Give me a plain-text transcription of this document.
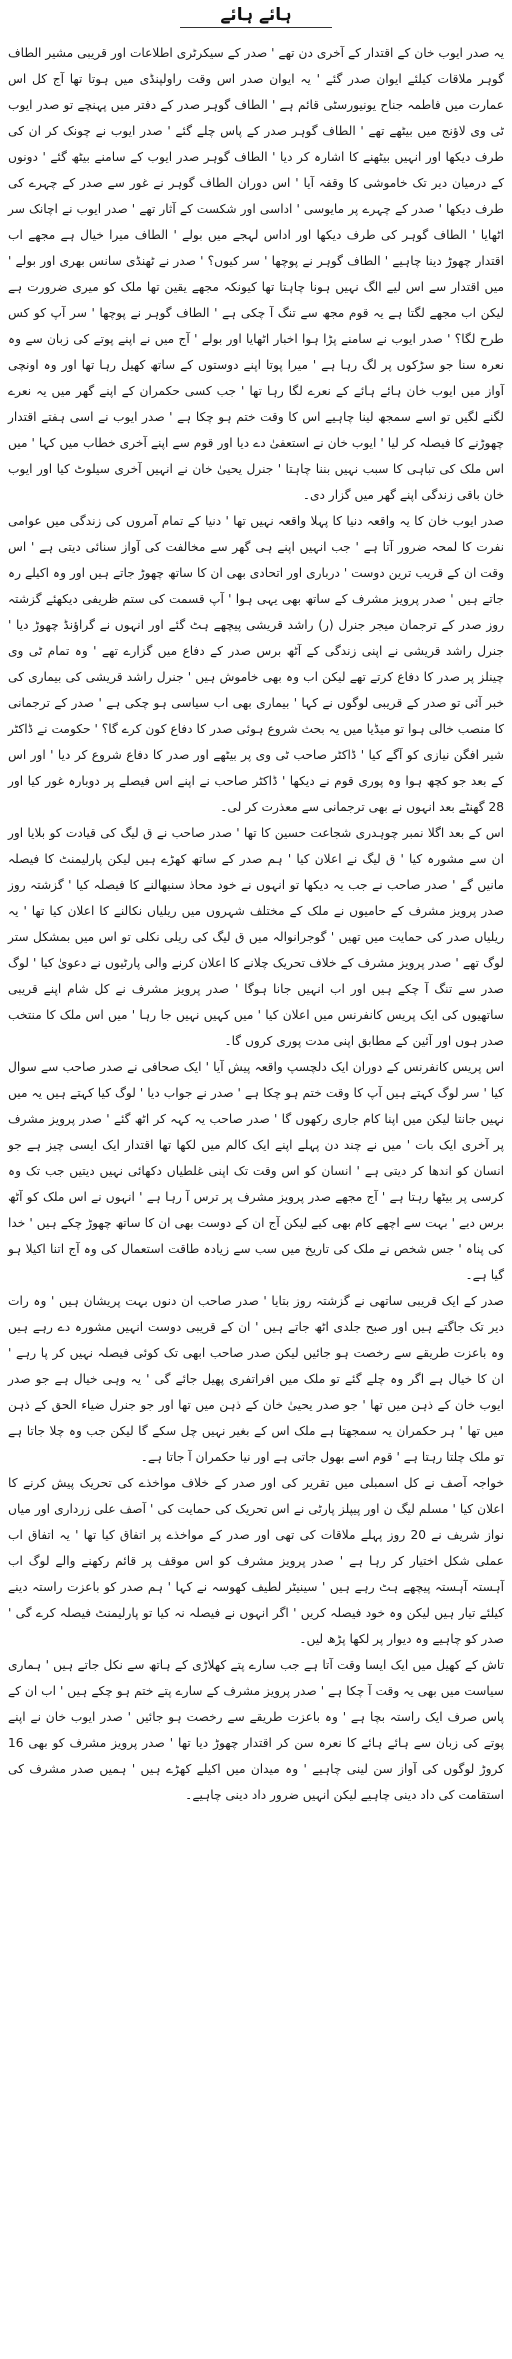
ہائے ہائے

یہ صدر ایوب خان کے اقتدار کے آخری دن تھے ' صدر کے سیکرٹری اطلاعات اور قریبی مشیر الطاف گوہر ملاقات کیلئے ایوان صدر گئے ' یہ ایوان صدر اس وقت راولپنڈی میں ہوتا تھا آج کل اس عمارت میں فاطمہ جناح یونیورسٹی قائم ہے ' الطاف گوہر صدر کے دفتر میں پہنچے تو صدر ایوب ٹی وی لاؤنج میں بیٹھے تھے ' الطاف گوہر صدر کے پاس چلے گئے ' صدر ایوب نے چونک کر ان کی طرف دیکھا اور انہیں بیٹھنے کا اشارہ کر دیا ' الطاف گوہر صدر ایوب کے سامنے بیٹھ گئے ' دونوں کے درمیان دیر تک خاموشی کا وقفہ آیا ' اس دوران الطاف گوہر نے غور سے صدر کے چہرے کی طرف دیکھا ' صدر کے چہرے پر مایوسی ' اداسی اور شکست کے آثار تھے ' صدر ایوب نے اچانک سر اٹھایا ' الطاف گوہر کی طرف دیکھا اور اداس لہجے میں بولے ' الطاف میرا خیال ہے مجھے اب اقتدار چھوڑ دینا چاہیے ' الطاف گوہر نے پوچھا ' سر کیوں؟ ' صدر نے ٹھنڈی سانس بھری اور بولے ' میں اقتدار سے اس لیے الگ نہیں ہونا چاہتا تھا کیونکہ مجھے یقین تھا ملک کو میری ضرورت ہے لیکن اب مجھے لگتا ہے یہ قوم مجھ سے تنگ آ چکی ہے ' الطاف گوہر نے پوچھا ' سر آپ کو کس طرح لگا؟ ' صدر ایوب نے سامنے پڑا ہوا اخبار اٹھایا اور بولے ' آج میں نے اپنے پوتے کی زبان سے وہ نعرہ سنا جو سڑکوں پر لگ رہا ہے ' میرا پوتا اپنے دوستوں کے ساتھ کھیل رہا تھا اور وہ اونچی آواز میں ایوب خان ہائے ہائے کے نعرے لگا رہا تھا ' جب کسی حکمران کے اپنے گھر میں یہ نعرے لگنے لگیں تو اسے سمجھ لینا چاہیے اس کا وقت ختم ہو چکا ہے ' صدر ایوب نے اسی ہفتے اقتدار چھوڑنے کا فیصلہ کر لیا ' ایوب خان نے استعفیٰ دے دیا اور قوم سے اپنے آخری خطاب میں کہا ' میں اس ملک کی تباہی کا سبب نہیں بننا چاہتا ' جنرل یحییٰ خان نے انہیں آخری سیلوٹ کیا اور ایوب خان باقی زندگی اپنے گھر میں گزار دی۔

صدر ایوب خان کا یہ واقعہ دنیا کا پہلا واقعہ نہیں تھا ' دنیا کے تمام آمروں کی زندگی میں عوامی نفرت کا لمحہ ضرور آتا ہے ' جب انہیں اپنے ہی گھر سے مخالفت کی آواز سنائی دیتی ہے ' اس وقت ان کے قریب ترین دوست ' درباری اور اتحادی بھی ان کا ساتھ چھوڑ جاتے ہیں اور وہ اکیلے رہ جاتے ہیں ' صدر پرویز مشرف کے ساتھ بھی یہی ہوا ' آپ قسمت کی ستم ظریفی دیکھئے گزشتہ روز صدر کے ترجمان میجر جنرل (ر) راشد قریشی پیچھے ہٹ گئے اور انہوں نے گراؤنڈ چھوڑ دیا ' جنرل راشد قریشی نے اپنی زندگی کے آٹھ برس صدر کے دفاع میں گزارے تھے ' وہ تمام ٹی وی چینلز پر صدر کا دفاع کرتے تھے لیکن اب وہ بھی خاموش ہیں ' جنرل راشد قریشی کی بیماری کی خبر آئی تو صدر کے قریبی لوگوں نے کہا ' بیماری بھی اب سیاسی ہو چکی ہے ' صدر کے ترجمانی کا منصب خالی ہوا تو میڈیا میں یہ بحث شروع ہوئی صدر کا دفاع کون کرے گا؟ ' حکومت نے ڈاکٹر شیر افگن نیازی کو آگے کیا ' ڈاکٹر صاحب ٹی وی پر بیٹھے اور صدر کا دفاع شروع کر دیا ' اور اس کے بعد جو کچھ ہوا وہ پوری قوم نے دیکھا ' ڈاکٹر صاحب نے اپنے اس فیصلے پر دوبارہ غور کیا اور 28 گھنٹے بعد انہوں نے بھی ترجمانی سے معذرت کر لی۔

اس کے بعد اگلا نمبر چوہدری شجاعت حسین کا تھا ' صدر صاحب نے ق لیگ کی قیادت کو بلایا اور ان سے مشورہ کیا ' ق لیگ نے اعلان کیا ' ہم صدر کے ساتھ کھڑے ہیں لیکن پارلیمنٹ کا فیصلہ مانیں گے ' صدر صاحب نے جب یہ دیکھا تو انہوں نے خود محاذ سنبھالنے کا فیصلہ کیا ' گزشتہ روز صدر پرویز مشرف کے حامیوں نے ملک کے مختلف شہروں میں ریلیاں نکالنے کا اعلان کیا تھا ' یہ ریلیاں صدر کی حمایت میں تھیں ' گوجرانوالہ میں ق لیگ کی ریلی نکلی تو اس میں بمشکل ستر لوگ تھے ' صدر پرویز مشرف کے خلاف تحریک چلانے کا اعلان کرنے والی پارٹیوں نے دعویٰ کیا ' لوگ صدر سے تنگ آ چکے ہیں اور اب انہیں جانا ہوگا ' صدر پرویز مشرف نے کل شام اپنے قریبی ساتھیوں کی ایک پریس کانفرنس میں اعلان کیا ' میں کہیں نہیں جا رہا ' میں اس ملک کا منتخب صدر ہوں اور آئین کے مطابق اپنی مدت پوری کروں گا۔

اس پریس کانفرنس کے دوران ایک دلچسپ واقعہ پیش آیا ' ایک صحافی نے صدر صاحب سے سوال کیا ' سر لوگ کہتے ہیں آپ کا وقت ختم ہو چکا ہے ' صدر نے جواب دیا ' لوگ کیا کہتے ہیں یہ میں نہیں جانتا لیکن میں اپنا کام جاری رکھوں گا ' صدر صاحب یہ کہہ کر اٹھ گئے ' صدر پرویز مشرف پر آخری ایک بات ' میں نے چند دن پہلے اپنے ایک کالم میں لکھا تھا اقتدار ایک ایسی چیز ہے جو انسان کو اندھا کر دیتی ہے ' انسان کو اس وقت تک اپنی غلطیاں دکھائی نہیں دیتیں جب تک وہ کرسی پر بیٹھا رہتا ہے ' آج مجھے صدر پرویز مشرف پر ترس آ رہا ہے ' انہوں نے اس ملک کو آٹھ برس دیے ' بہت سے اچھے کام بھی کیے لیکن آج ان کے دوست بھی ان کا ساتھ چھوڑ چکے ہیں ' خدا کی پناہ ' جس شخص نے ملک کی تاریخ میں سب سے زیادہ طاقت استعمال کی وہ آج اتنا اکیلا ہو گیا ہے۔

صدر کے ایک قریبی ساتھی نے گزشتہ روز بتایا ' صدر صاحب ان دنوں بہت پریشان ہیں ' وہ رات دیر تک جاگتے ہیں اور صبح جلدی اٹھ جاتے ہیں ' ان کے قریبی دوست انہیں مشورہ دے رہے ہیں وہ باعزت طریقے سے رخصت ہو جائیں لیکن صدر صاحب ابھی تک کوئی فیصلہ نہیں کر پا رہے ' ان کا خیال ہے اگر وہ چلے گئے تو ملک میں افراتفری پھیل جائے گی ' یہ وہی خیال ہے جو صدر ایوب خان کے ذہن میں تھا ' جو صدر یحییٰ خان کے ذہن میں تھا اور جو جنرل ضیاء الحق کے ذہن میں تھا ' ہر حکمران یہ سمجھتا ہے ملک اس کے بغیر نہیں چل سکے گا لیکن جب وہ چلا جاتا ہے تو ملک چلتا رہتا ہے ' قوم اسے بھول جاتی ہے اور نیا حکمران آ جاتا ہے۔

خواجہ آصف نے کل اسمبلی میں تقریر کی اور صدر کے خلاف مواخذے کی تحریک پیش کرنے کا اعلان کیا ' مسلم لیگ ن اور پیپلز پارٹی نے اس تحریک کی حمایت کی ' آصف علی زرداری اور میاں نواز شریف نے 20 روز پہلے ملاقات کی تھی اور صدر کے مواخذے پر اتفاق کیا تھا ' یہ اتفاق اب عملی شکل اختیار کر رہا ہے ' صدر پرویز مشرف کو اس موقف پر قائم رکھنے والے لوگ اب آہستہ آہستہ پیچھے ہٹ رہے ہیں ' سینیٹر لطیف کھوسہ نے کہا ' ہم صدر کو باعزت راستہ دینے کیلئے تیار ہیں لیکن وہ خود فیصلہ کریں ' اگر انہوں نے فیصلہ نہ کیا تو پارلیمنٹ فیصلہ کرے گی ' صدر کو چاہیے وہ دیوار پر لکھا پڑھ لیں۔

تاش کے کھیل میں ایک ایسا وقت آتا ہے جب سارے پتے کھلاڑی کے ہاتھ سے نکل جاتے ہیں ' ہماری سیاست میں بھی یہ وقت آ چکا ہے ' صدر پرویز مشرف کے سارے پتے ختم ہو چکے ہیں ' اب ان کے پاس صرف ایک راستہ بچا ہے ' وہ باعزت طریقے سے رخصت ہو جائیں ' صدر ایوب خان نے اپنے پوتے کی زبان سے ہائے ہائے کا نعرہ سن کر اقتدار چھوڑ دیا تھا ' صدر پرویز مشرف کو بھی 16 کروڑ لوگوں کی آواز سن لینی چاہیے ' وہ میدان میں اکیلے کھڑے ہیں ' ہمیں صدر مشرف کی استقامت کی داد دینی چاہیے لیکن انہیں ضرور داد دینی چاہیے۔
